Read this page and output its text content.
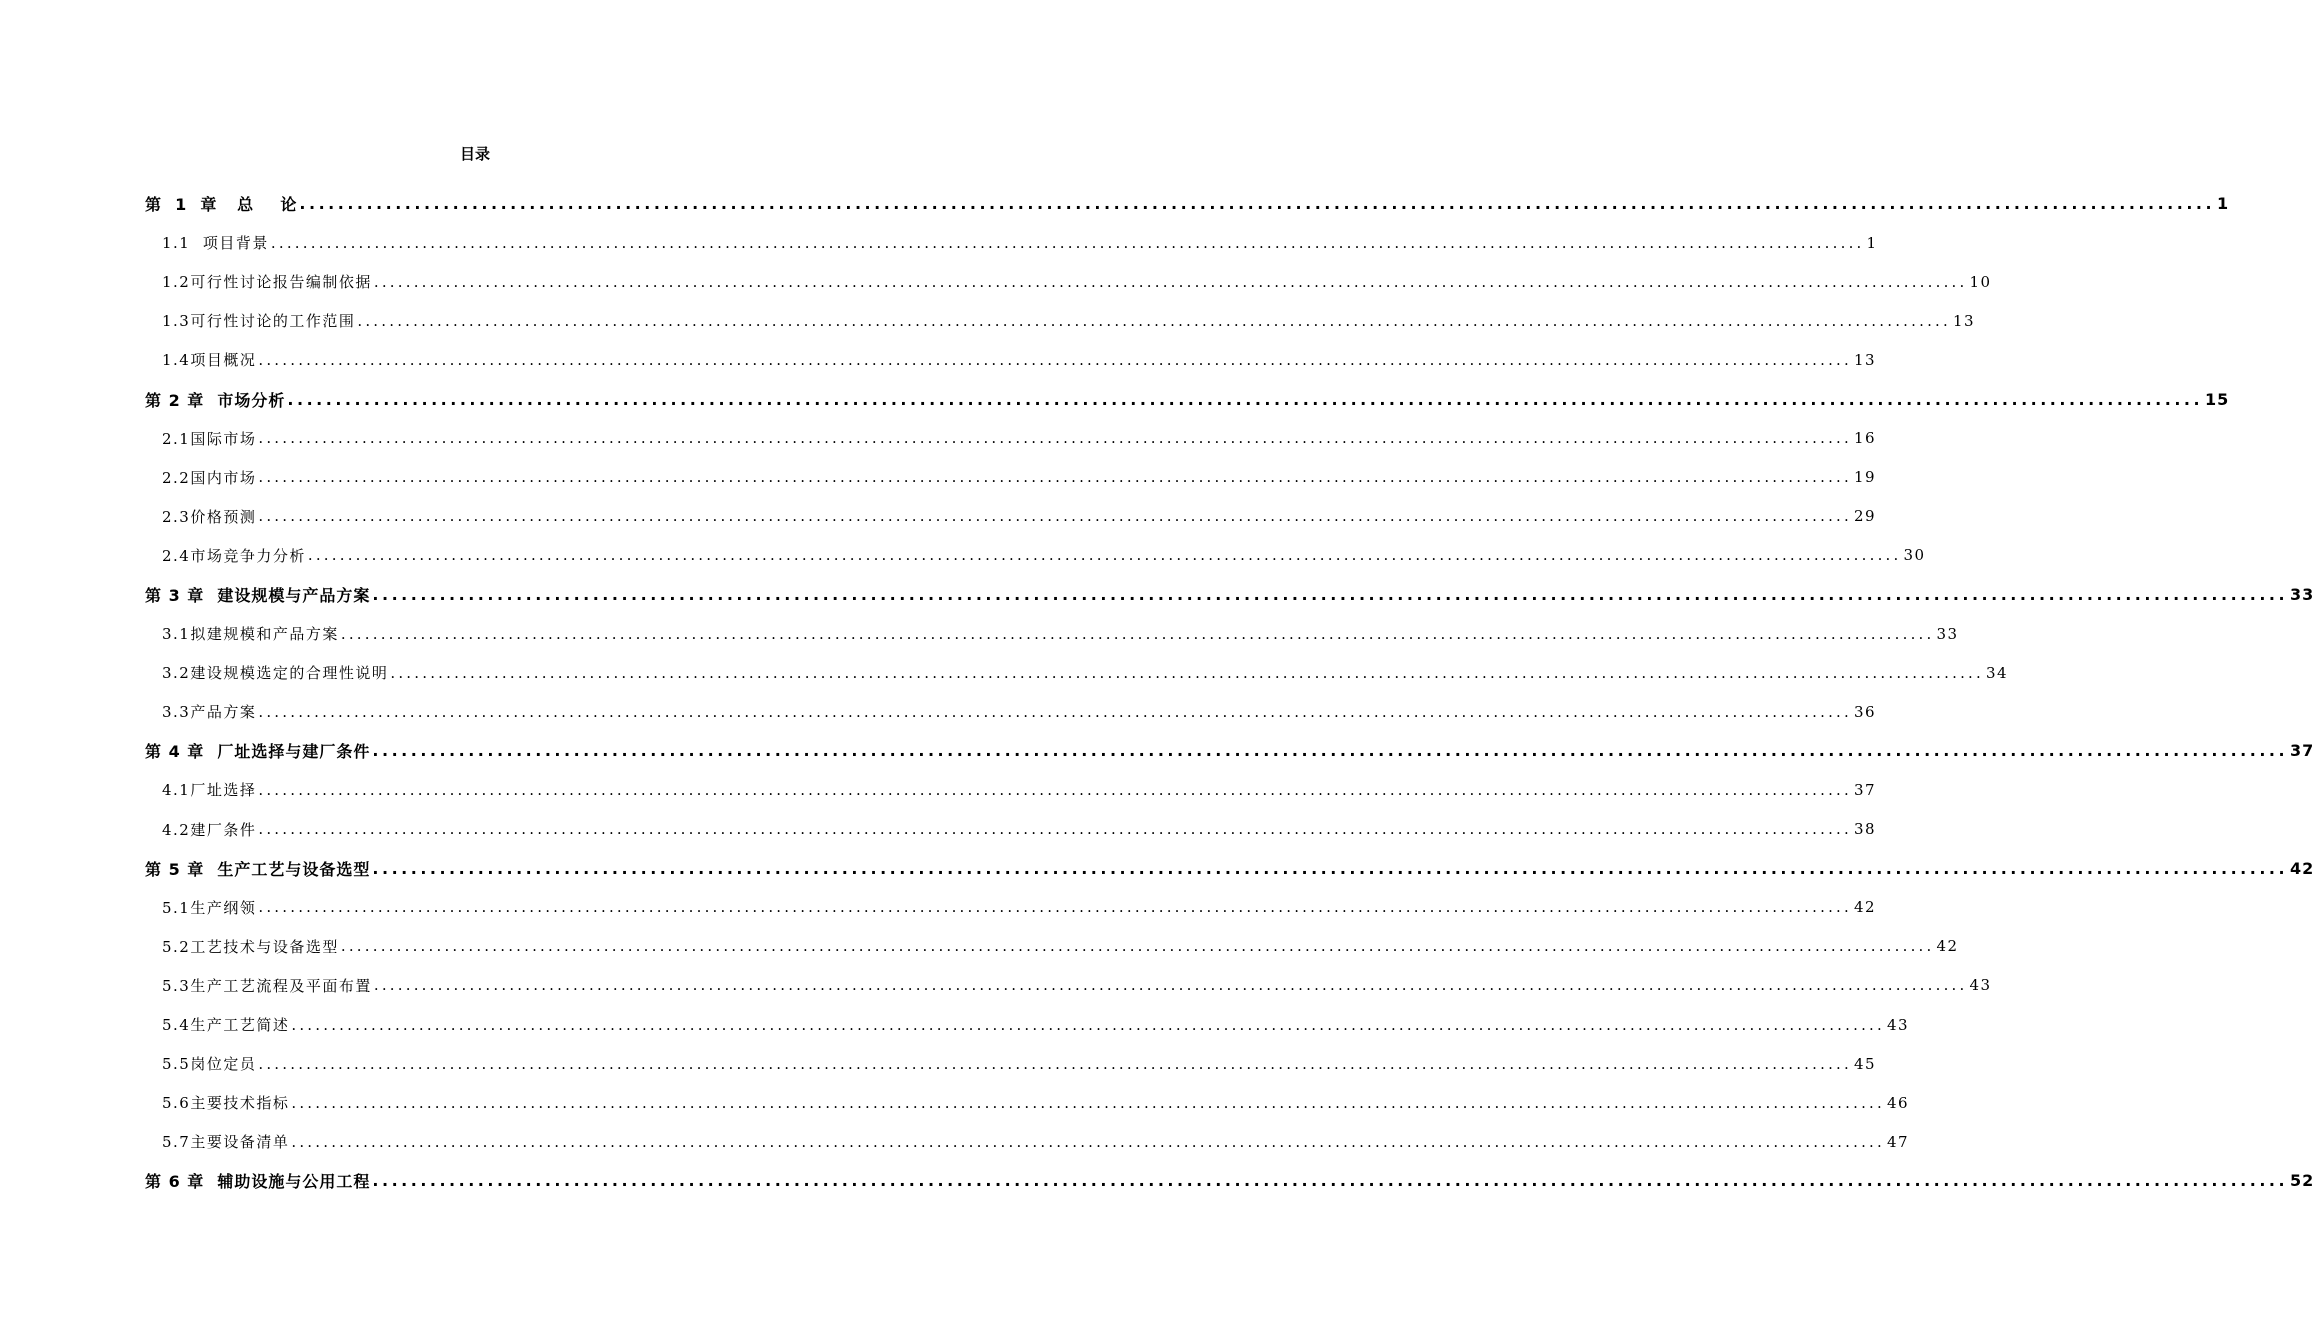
目录
第  1  章   总    论 ........................................................................................................................................................................................................ 1
1.1  项目背景 ........................................................................................................................................................................................................ 1
1.2可行性讨论报告编制依据 ........................................................................................................................................................................................................ 10
1.3可行性讨论的工作范围 ........................................................................................................................................................................................................ 13
1.4项目概况 ........................................................................................................................................................................................................ 13
第 2 章  市场分析 ........................................................................................................................................................................................................ 15
2.1国际市场 ........................................................................................................................................................................................................ 16
2.2国内市场 ........................................................................................................................................................................................................ 19
2.3价格预测 ........................................................................................................................................................................................................ 29
2.4市场竞争力分析 ........................................................................................................................................................................................................ 30
第 3 章  建设规模与产品方案 ........................................................................................................................................................................................................ 33
3.1拟建规模和产品方案 ........................................................................................................................................................................................................ 33
3.2建设规模选定的合理性说明 ........................................................................................................................................................................................................ 34
3.3产品方案 ........................................................................................................................................................................................................ 36
第 4 章  厂址选择与建厂条件 ........................................................................................................................................................................................................ 37
4.1厂址选择 ........................................................................................................................................................................................................ 37
4.2建厂条件 ........................................................................................................................................................................................................ 38
第 5 章  生产工艺与设备选型 ........................................................................................................................................................................................................ 42
5.1生产纲领 ........................................................................................................................................................................................................ 42
5.2工艺技术与设备选型 ........................................................................................................................................................................................................ 42
5.3生产工艺流程及平面布置 ........................................................................................................................................................................................................ 43
5.4生产工艺简述 ........................................................................................................................................................................................................ 43
5.5岗位定员 ........................................................................................................................................................................................................ 45
5.6主要技术指标 ........................................................................................................................................................................................................ 46
5.7主要设备清单 ........................................................................................................................................................................................................ 47
第 6 章  辅助设施与公用工程 ........................................................................................................................................................................................................ 52
